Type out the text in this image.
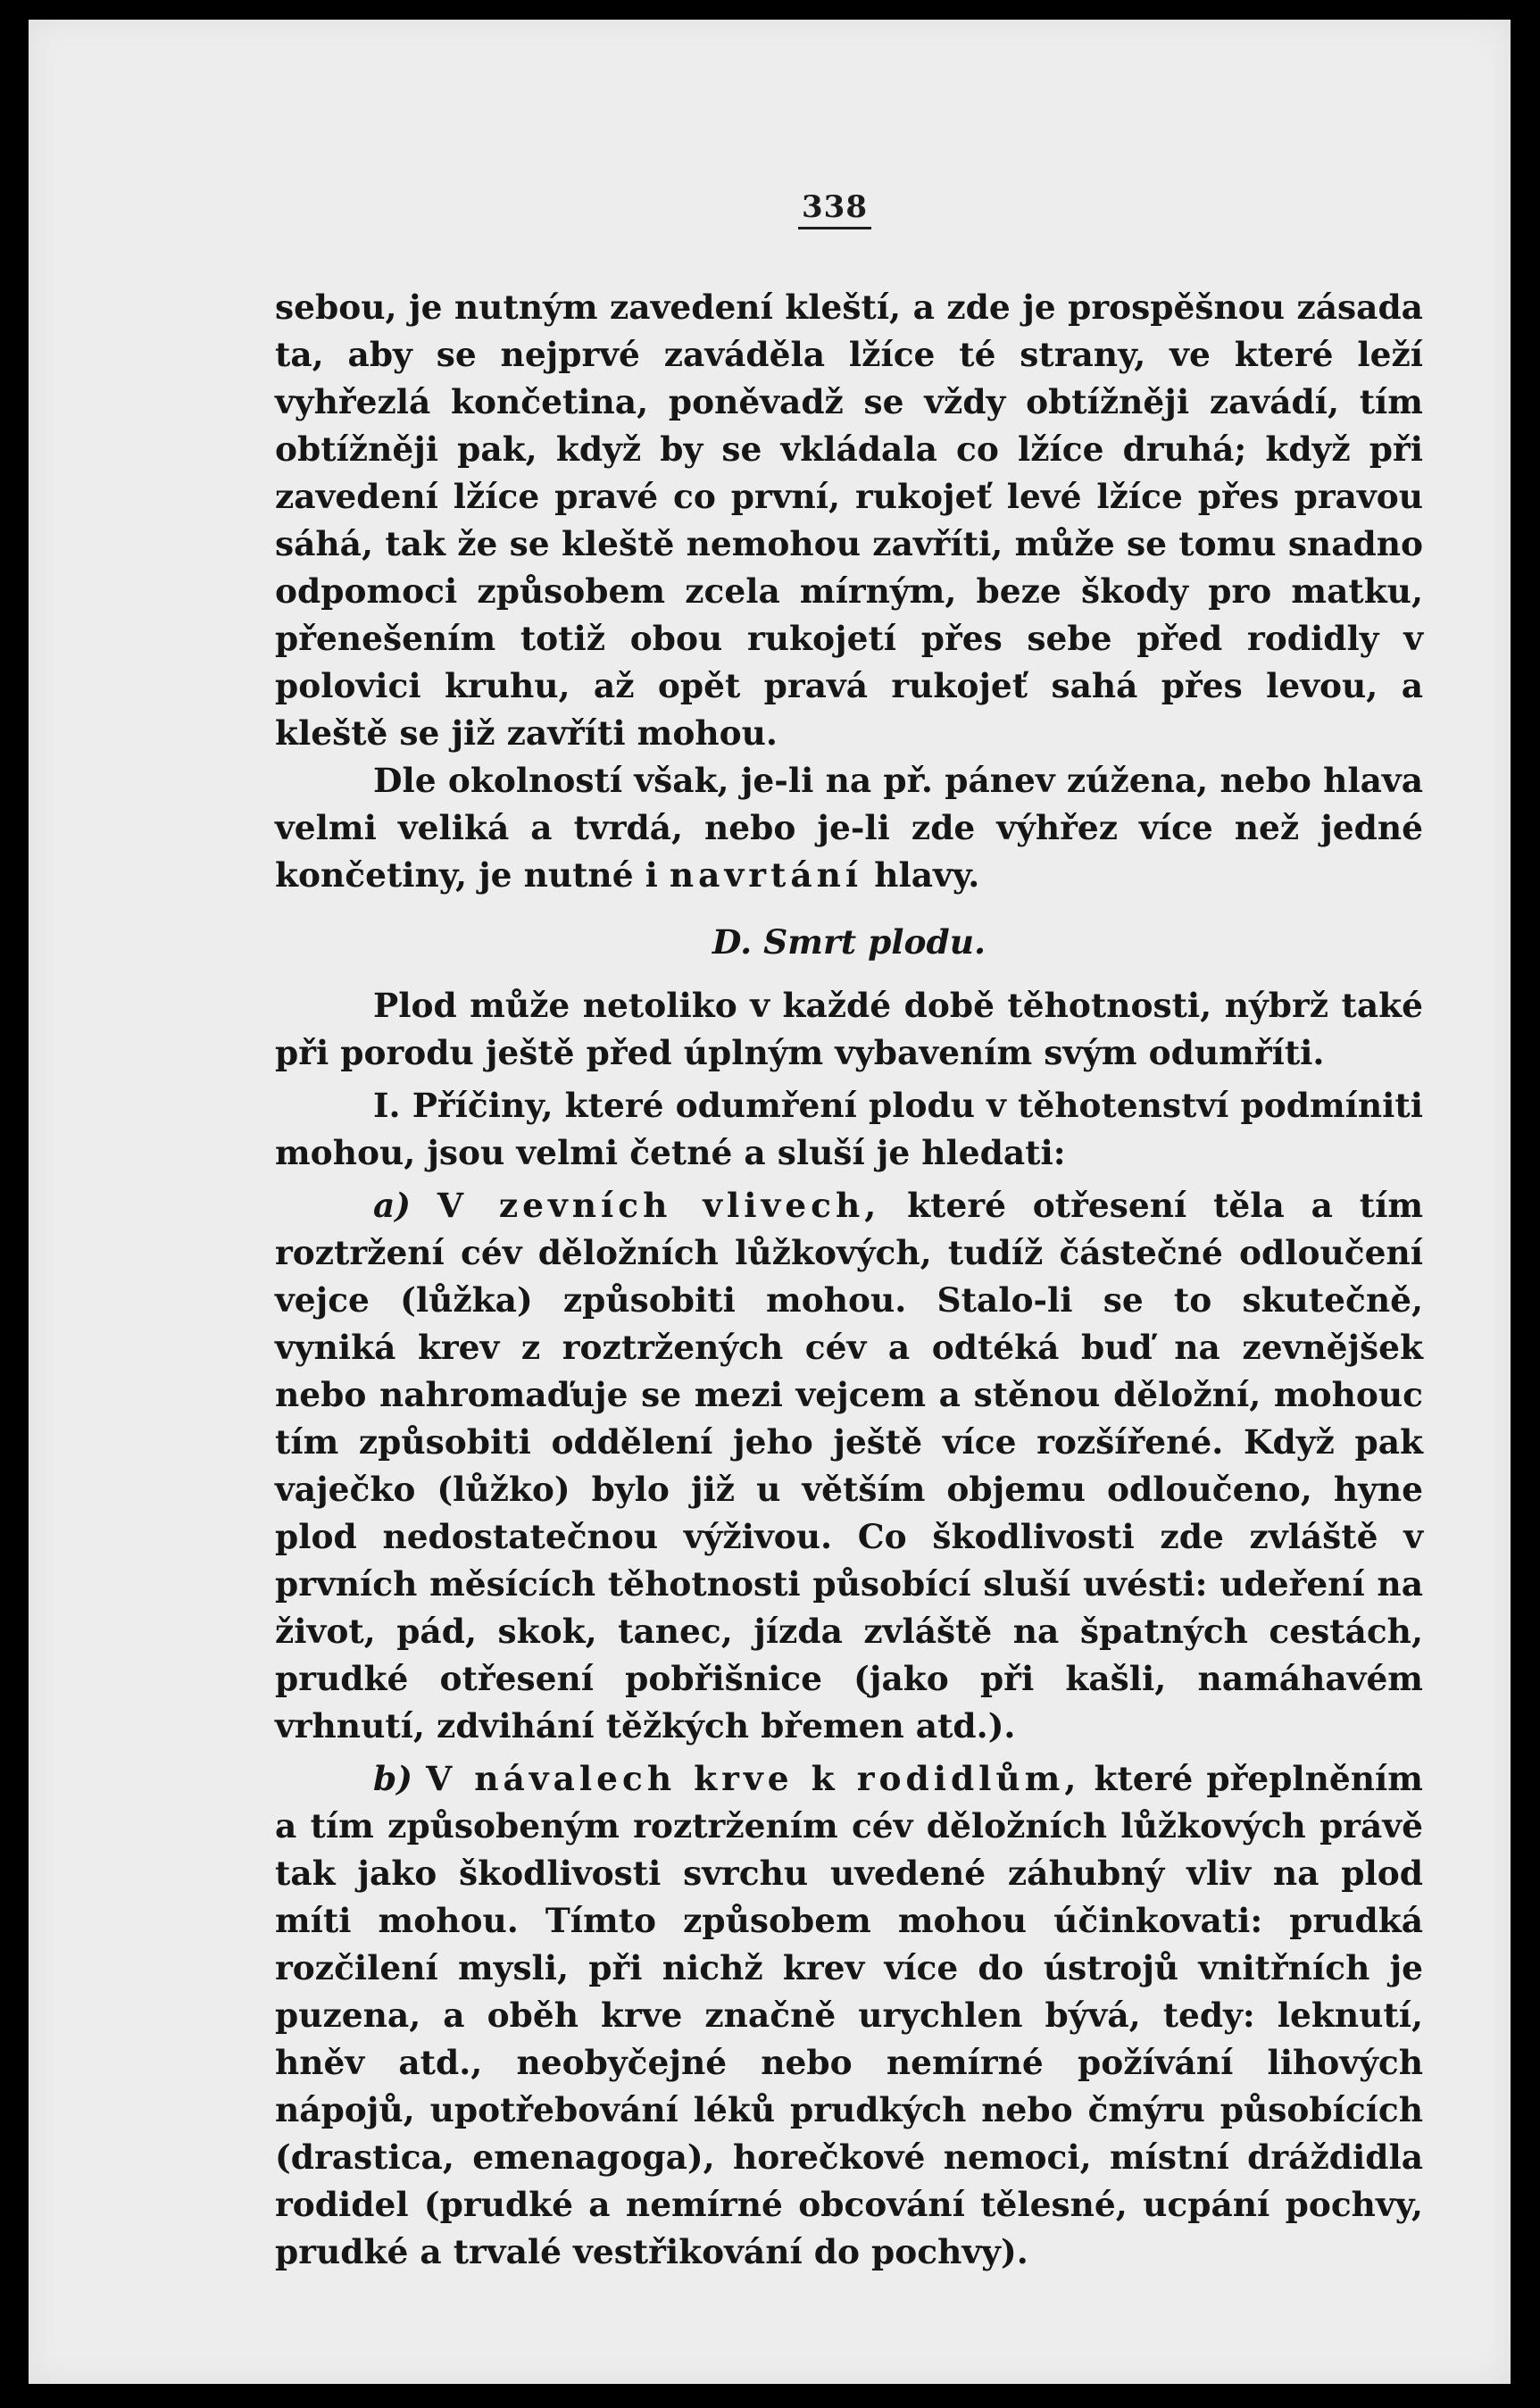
338

sebou, je nutným zavedení kleští, a zde je prospěšnou zásada ta, aby se nejprvé zaváděla lžíce té strany, ve které leží vyhřezlá končetina, poněvadž se vždy obtížněji zavádí, tím obtížněji pak, když by se vkládala co lžíce druhá; když při zavedení lžíce pravé co první, rukojeť levé lžíce přes pravou sáhá, tak že se kleště nemohou zavříti, může se tomu snadno odpomoci způsobem zcela mírným, beze škody pro matku, přenešením totiž obou rukojetí přes sebe před rodidly v polovici kruhu, až opět pravá rukojeť sahá přes levou, a kleště se již zavříti mohou.

Dle okolností však, je-li na př. pánev zúžena, nebo hlava velmi veliká a tvrdá, nebo je-li zde výhřez více než jedné končetiny, je nutné i navrtání hlavy.

D. Smrt plodu.

Plod může netoliko v každé době těhotnosti, nýbrž také při porodu ještě před úplným vybavením svým odumříti.

I. Příčiny, které odumření plodu v těhotenství podmíniti mohou, jsou velmi četné a sluší je hledati:

a) V zevních vlivech, které otřesení těla a tím roztržení cév děložních lůžkových, tudíž částečné odloučení vejce (lůžka) způsobiti mohou. Stalo-li se to skutečně, vyniká krev z roztržených cév a odtéká buď na zevnějšek nebo nahromaďuje se mezi vejcem a stěnou děložní, mohouc tím způsobiti oddělení jeho ještě více rozšířené. Když pak vaječko (lůžko) bylo již u větším objemu odloučeno, hyne plod nedostatečnou výživou. Co škodlivosti zde zvláště v prvních měsících těhotnosti působící sluší uvésti: udeření na život, pád, skok, tanec, jízda zvláště na špatných cestách, prudké otřesení pobřišnice (jako při kašli, namáhavém vrhnutí, zdvihání těžkých břemen atd.).

b) V návalech krve k rodidlům, které přeplněním a tím způsobeným roztržením cév děložních lůžkových právě tak jako škodlivosti svrchu uvedené záhubný vliv na plod míti mohou. Tímto způsobem mohou účinkovati: prudká rozčilení mysli, při nichž krev více do ústrojů vnitřních je puzena, a oběh krve značně urychlen bývá, tedy: leknutí, hněv atd., neobyčejné nebo nemírné požívání lihových nápojů, upotřebování léků prudkých nebo čmýru působících (drastica, emenagoga), horečkové nemoci, místní dráždidla rodidel (prudké a nemírné obcování tělesné, ucpání pochvy, prudké a trvalé vestřikování do pochvy).
